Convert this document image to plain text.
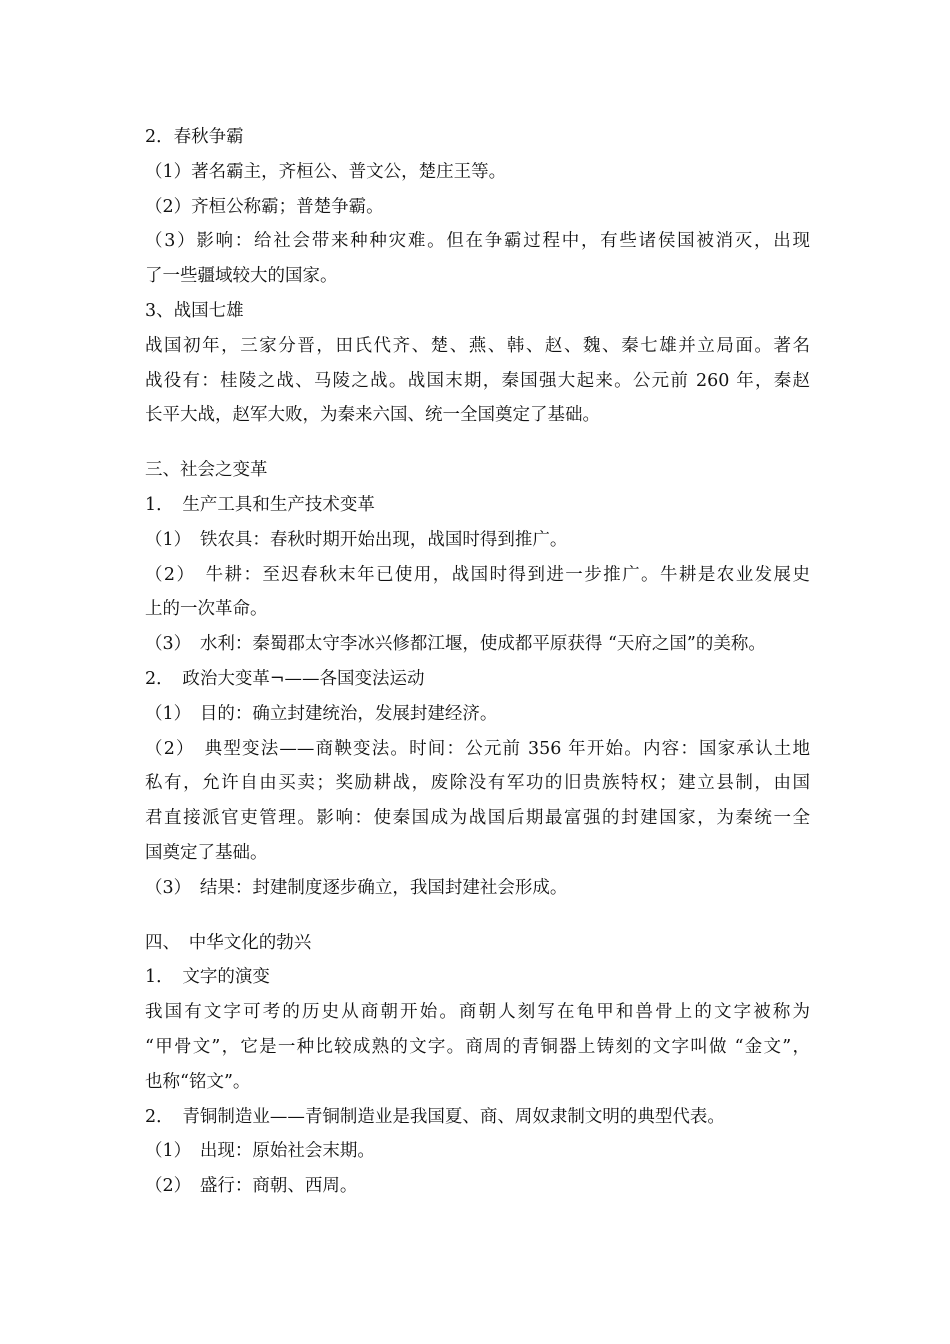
2．春秋争霸
（1）著名霸主，齐桓公、普文公，楚庄王等。
（2）齐桓公称霸；普楚争霸。
（3）影响：给社会带来种种灾难。但在争霸过程中，有些诸侯国被消灭，出现
了一些疆域较大的国家。
3、战国七雄
战国初年，三家分晋，田氏代齐、楚、燕、韩、赵、魏、秦七雄并立局面。著名
战役有：桂陵之战、马陵之战。战国末期，秦国强大起来。公元前 260 年，秦赵
长平大战，赵军大败，为秦来六国、统一全国奠定了基础。
三、社会之变革
1．　生产工具和生产技术变革
（1）　铁农具：春秋时期开始出现，战国时得到推广。
（2）　牛耕：至迟春秋末年已使用，战国时得到进一步推广。牛耕是农业发展史
上的一次革命。
（3）　水利：秦蜀郡太守李冰兴修都江堰，使成都平原获得 “天府之国”的美称。
2．　政治大变革¬——各国变法运动
（1）　目的：确立封建统治，发展封建经济。
（2）　典型变法——商鞅变法。时间：公元前 356 年开始。内容：国家承认土地
私有，允许自由买卖；奖励耕战，废除没有军功的旧贵族特权；建立县制，由国
君直接派官吏管理。影响：使秦国成为战国后期最富强的封建国家，为秦统一全
国奠定了基础。
（3）　结果：封建制度逐步确立，我国封建社会形成。
四、　中华文化的勃兴
1．　文字的演变
我国有文字可考的历史从商朝开始。商朝人刻写在龟甲和兽骨上的文字被称为
“甲骨文”，它是一种比较成熟的文字。商周的青铜器上铸刻的文字叫做 “金文”，
也称“铭文”。
2．　青铜制造业——青铜制造业是我国夏、商、周奴隶制文明的典型代表。
（1）　出现：原始社会末期。
（2）　盛行：商朝、西周。
